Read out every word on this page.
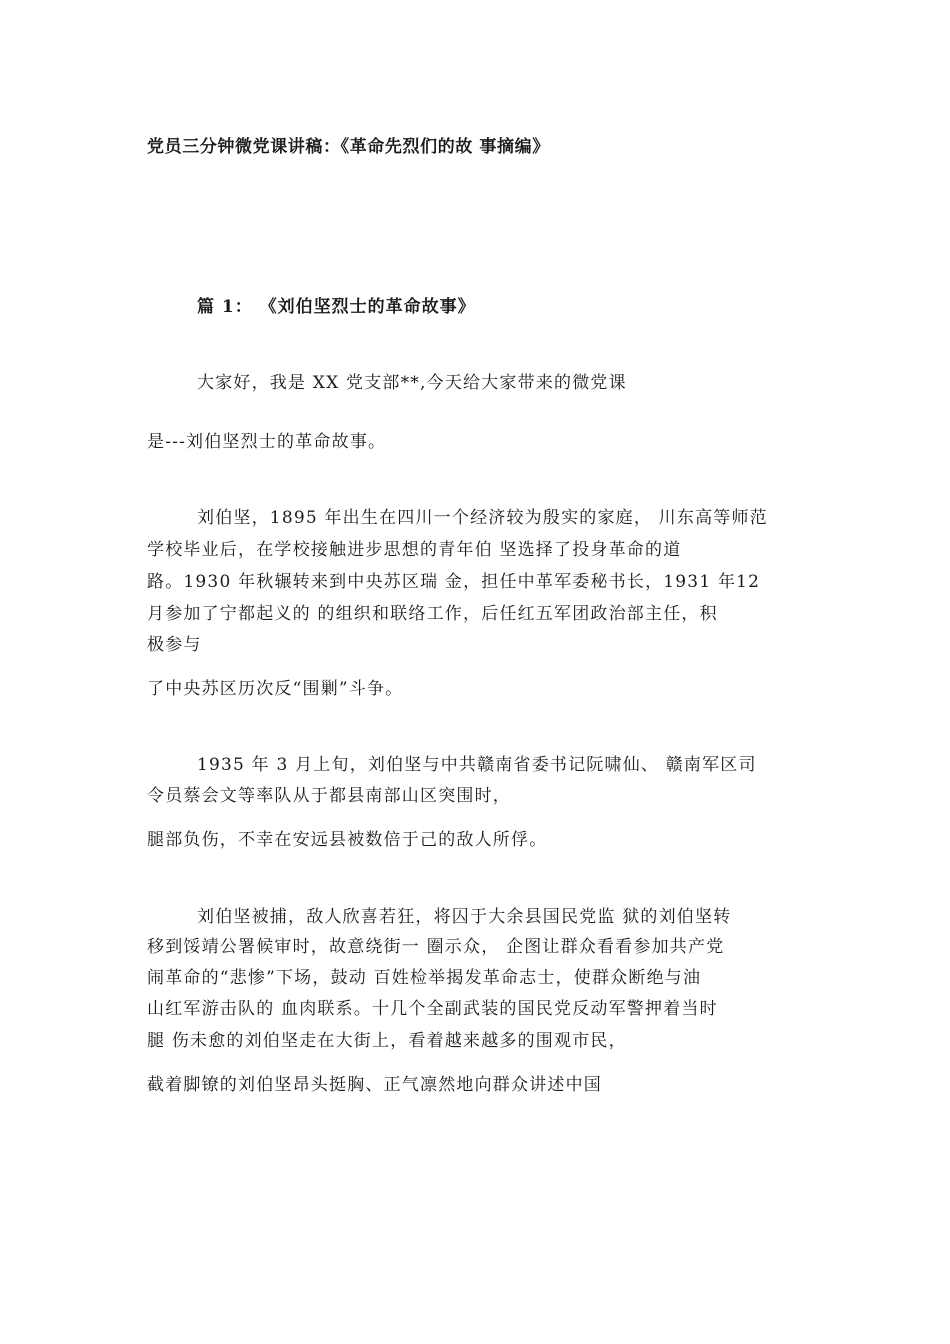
党员三分钟微党课讲稿：《革命先烈们的故 事摘编》
篇 1： 《刘伯坚烈士的革命故事》
大家好，我是 XX 党支部**,今天给大家带来的微党课
是---刘伯坚烈士的革命故事。
刘伯坚，1895 年出生在四川一个经济较为殷实的家庭， 川东高等师范
学校毕业后，在学校接触进步思想的青年伯 坚选择了投身革命的道
路。1930 年秋辗转来到中央苏区瑞 金，担任中革军委秘书长，1931 年12
月参加了宁都起义的 的组织和联络工作，后任红五军团政治部主任，积
极参与
了中央苏区历次反“围剿”斗争。
1935 年 3 月上旬，刘伯坚与中共赣南省委书记阮啸仙、 赣南军区司
令员蔡会文等率队从于都县南部山区突围时，
腿部负伤，不幸在安远县被数倍于己的敌人所俘。
刘伯坚被捕，敌人欣喜若狂，将囚于大余县国民党监 狱的刘伯坚转
移到馁靖公署候审时，故意绕街一 圈示众， 企图让群众看看参加共产党
闹革命的“悲惨”下场，鼓动 百姓检举揭发革命志士，使群众断绝与油
山红军游击队的 血肉联系。十几个全副武装的国民党反动军警押着当时
腿 伤未愈的刘伯坚走在大街上，看着越来越多的围观市民，
截着脚镣的刘伯坚昂头挺胸、正气凛然地向群众讲述中国
